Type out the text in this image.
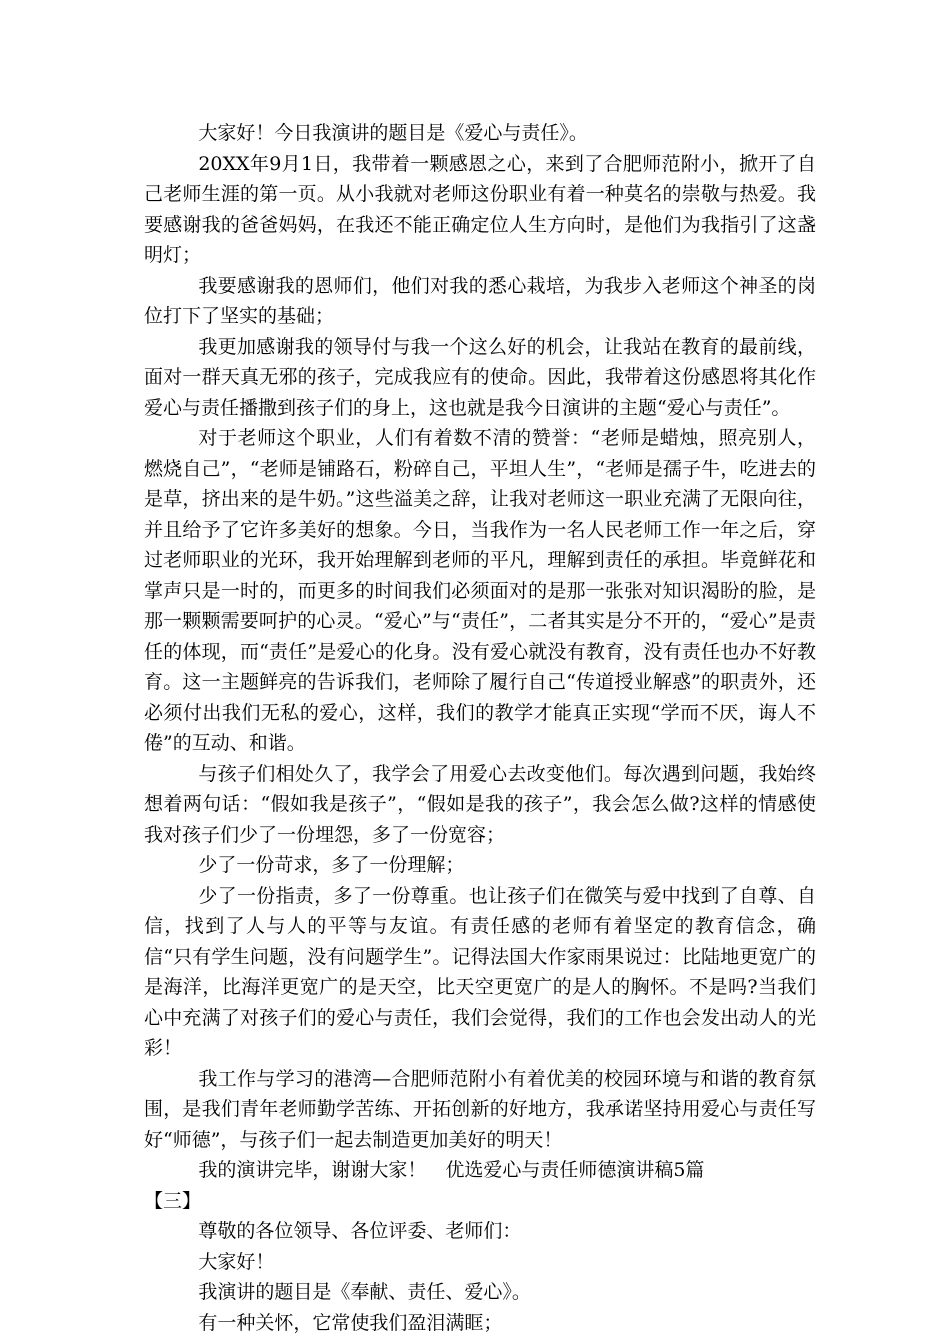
大家好！今日我演讲的题目是《爱心与责任》。

20XX年9月1日，我带着一颗感恩之心，来到了合肥师范附小，掀开了自己老师生涯的第一页。从小我就对老师这份职业有着一种莫名的崇敬与热爱。我要感谢我的爸爸妈妈，在我还不能正确定位人生方向时，是他们为我指引了这盏明灯；

我要感谢我的恩师们，他们对我的悉心栽培，为我步入老师这个神圣的岗位打下了坚实的基础；

我更加感谢我的领导付与我一个这么好的机会，让我站在教育的最前线，面对一群天真无邪的孩子，完成我应有的使命。因此，我带着这份感恩将其化作爱心与责任播撒到孩子们的身上，这也就是我今日演讲的主题“爱心与责任”。

对于老师这个职业，人们有着数不清的赞誉：“老师是蜡烛，照亮别人，燃烧自己”，“老师是铺路石，粉碎自己，平坦人生”，“老师是孺子牛，吃进去的是草，挤出来的是牛奶。”这些溢美之辞，让我对老师这一职业充满了无限向往，并且给予了它许多美好的想象。今日，当我作为一名人民老师工作一年之后，穿过老师职业的光环，我开始理解到老师的平凡，理解到责任的承担。毕竟鲜花和掌声只是一时的，而更多的时间我们必须面对的是那一张张对知识渴盼的脸，是那一颗颗需要呵护的心灵。“爱心”与“责任”，二者其实是分不开的，“爱心”是责任的体现，而“责任”是爱心的化身。没有爱心就没有教育，没有责任也办不好教育。这一主题鲜亮的告诉我们，老师除了履行自己“传道授业解惑”的职责外，还必须付出我们无私的爱心，这样，我们的教学才能真正实现“学而不厌，诲人不倦”的互动、和谐。

与孩子们相处久了，我学会了用爱心去改变他们。每次遇到问题，我始终想着两句话：“假如我是孩子”，“假如是我的孩子”，我会怎么做?这样的情感使我对孩子们少了一份埋怨，多了一份宽容；

少了一份苛求，多了一份理解；

少了一份指责，多了一份尊重。也让孩子们在微笑与爱中找到了自尊、自信，找到了人与人的平等与友谊。有责任感的老师有着坚定的教育信念，确信“只有学生问题，没有问题学生”。记得法国大作家雨果说过：比陆地更宽广的是海洋，比海洋更宽广的是天空，比天空更宽广的是人的胸怀。不是吗?当我们心中充满了对孩子们的爱心与责任，我们会觉得，我们的工作也会发出动人的光彩！

我工作与学习的港湾—合肥师范附小有着优美的校园环境与和谐的教育氛围，是我们青年老师勤学苦练、开拓创新的好地方，我承诺坚持用爱心与责任写好“师德”，与孩子们一起去制造更加美好的明天！

我的演讲完毕，谢谢大家！　优选爱心与责任师德演讲稿5篇

【三】

尊敬的各位领导、各位评委、老师们：

大家好！

我演讲的题目是《奉献、责任、爱心》。

有一种关怀，它常使我们盈泪满眶；
